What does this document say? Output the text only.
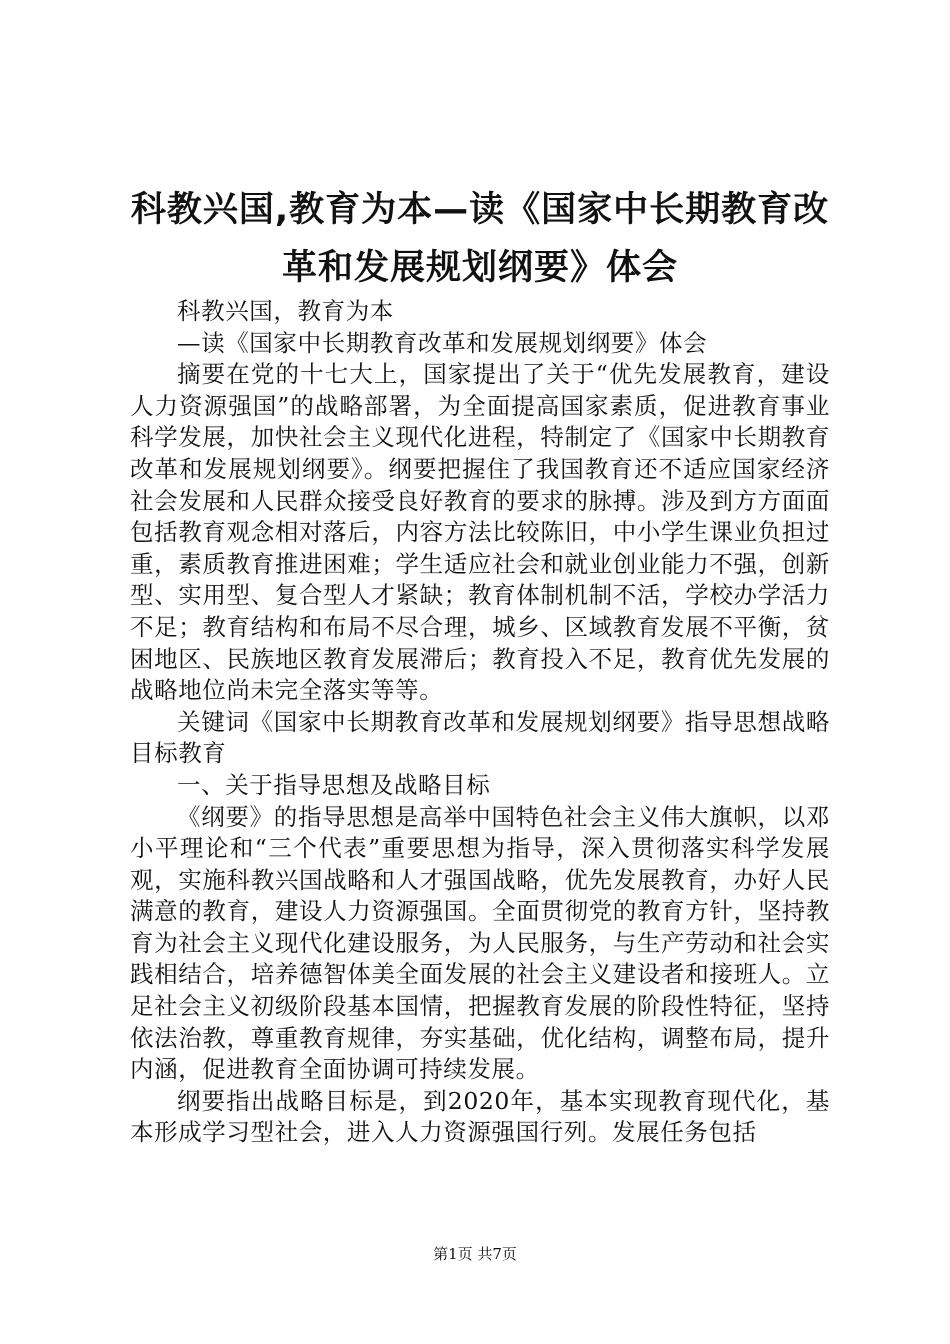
科教兴国,教育为本—读《国家中长期教育改
革和发展规划纲要》体会

科教兴国，教育为本

—读《国家中长期教育改革和发展规划纲要》体会

摘要在党的十七大上，国家提出了关于“优先发展教育，建设人力资源强国”的战略部署，为全面提高国家素质，促进教育事业科学发展，加快社会主义现代化进程，特制定了《国家中长期教育改革和发展规划纲要》。纲要把握住了我国教育还不适应国家经济社会发展和人民群众接受良好教育的要求的脉搏。涉及到方方面面包括教育观念相对落后，内容方法比较陈旧，中小学生课业负担过重，素质教育推进困难；学生适应社会和就业创业能力不强，创新型、实用型、复合型人才紧缺；教育体制机制不活，学校办学活力不足；教育结构和布局不尽合理，城乡、区域教育发展不平衡，贫困地区、民族地区教育发展滞后；教育投入不足，教育优先发展的战略地位尚未完全落实等等。

关键词《国家中长期教育改革和发展规划纲要》指导思想战略目标教育

一、关于指导思想及战略目标

《纲要》的指导思想是高举中国特色社会主义伟大旗帜，以邓小平理论和“三个代表”重要思想为指导，深入贯彻落实科学发展观，实施科教兴国战略和人才强国战略，优先发展教育，办好人民满意的教育，建设人力资源强国。全面贯彻党的教育方针，坚持教育为社会主义现代化建设服务，为人民服务，与生产劳动和社会实践相结合，培养德智体美全面发展的社会主义建设者和接班人。立足社会主义初级阶段基本国情，把握教育发展的阶段性特征，坚持依法治教，尊重教育规律，夯实基础，优化结构，调整布局，提升内涵，促进教育全面协调可持续发展。

纲要指出战略目标是，到2020年，基本实现教育现代化，基本形成学习型社会，进入人力资源强国行列。发展任务包括

第1页 共7页
